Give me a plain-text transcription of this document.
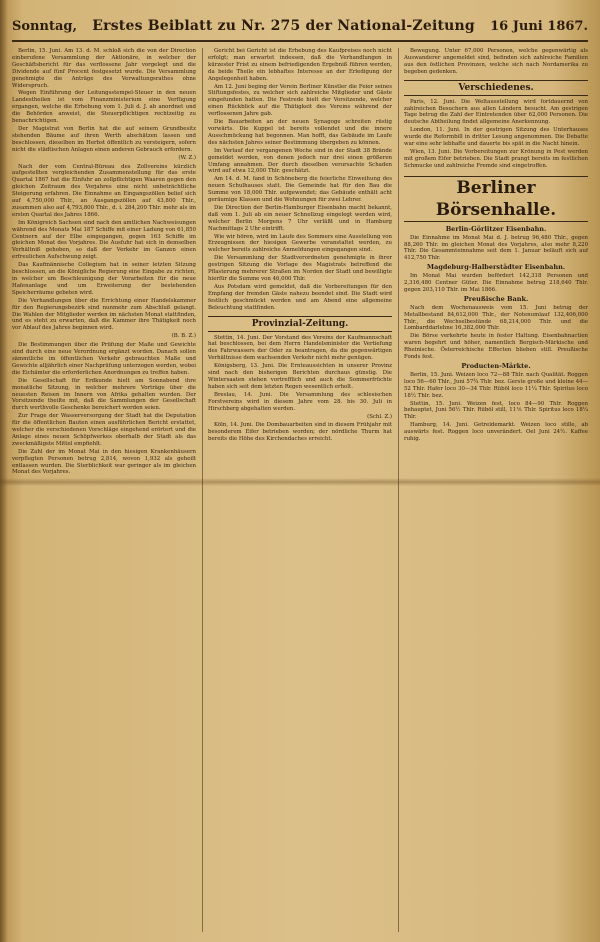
Sonntag, Erstes Beiblatt zu Nr. 275 der National-Zeitung 16 Juni 1867.

Berlin, 15. Juni. Am 13. d. M. schloß sich die von der Direction einberufene Versammlung der Aktionäre, in welcher der Geschäftsbericht für das verflossene Jahr vorgelegt und die Dividende auf fünf Procent festgesetzt wurde. Die Versammlung genehmigte die Anträge des Verwaltungsrathes ohne Widerspruch.

Wegen Einführung der Leitungsstempel-Steuer in den neuen Landestheilen ist vom Finanzministerium eine Verfügung ergangen, welche die Erhebung vom 1. Juli d. J. ab anordnet und die Behörden anweist, die Steuerpflichtigen rechtzeitig zu benachrichtigen.

Der Magistrat von Berlin hat die auf seinem Grundbesitz stehenden Bäume auf ihren Werth abschätzen lassen und beschlossen, dieselben im Herbst öffentlich zu versteigern, sofern nicht die städtischen Anlagen einen anderen Gebrauch erfordern.

(W. Z.)

Nach der vom Central-Büreau des Zollvereins kürzlich aufgestellten vergleichenden Zusammenstellung für das erste Quartal 1867 hat die Einfuhr an zollpflichtigen Waaren gegen den gleichen Zeitraum des Vorjahres eine nicht unbeträchtliche Steigerung erfahren. Die Einnahme an Eingangszöllen belief sich auf 4,750,000 Thlr., an Ausgangszöllen auf 43,800 Thlr., zusammen also auf 4,793,800 Thlr., d. i. 284,200 Thlr. mehr als im ersten Quartal des Jahres 1866.

Im Königreich Sachsen sind nach den amtlichen Nachweisungen während des Monats Mai 187 Schiffe mit einer Ladung von 61,850 Centnern auf der Elbe eingegangen, gegen 163 Schiffe im gleichen Monat des Vorjahres. Die Ausfuhr hat sich in demselben Verhältniß gehoben, so daß der Verkehr im Ganzen einen erfreulichen Aufschwung zeigt.

Das Kaufmännische Collegium hat in seiner letzten Sitzung beschlossen, an die Königliche Regierung eine Eingabe zu richten, in welcher um Beschleunigung der Vorarbeiten für die neue Hafenanlage und um Erweiterung der bestehenden Speicherräume gebeten wird.

Die Verhandlungen über die Errichtung einer Handelskammer für den Regierungsbezirk sind nunmehr zum Abschluß gelangt. Die Wahlen der Mitglieder werden im nächsten Monat stattfinden, und es steht zu erwarten, daß die Kammer ihre Thätigkeit noch vor Ablauf des Jahres beginnen wird.

(B. B. Z.)

Die Bestimmungen über die Prüfung der Maße und Gewichte sind durch eine neue Verordnung ergänzt worden. Danach sollen sämmtliche im öffentlichen Verkehr gebrauchten Maße und Gewichte alljährlich einer Nachprüfung unterzogen werden, wobei die Eichämter die erforderlichen Anordnungen zu treffen haben.

Die Gesellschaft für Erdkunde hielt am Sonnabend ihre monatliche Sitzung, in welcher mehrere Vorträge über die neuesten Reisen im Innern von Afrika gehalten wurden. Der Vorsitzende theilte mit, daß die Sammlungen der Gesellschaft durch werthvolle Geschenke bereichert worden seien.

Zur Frage der Wasserversorgung der Stadt hat die Deputation für die öffentlichen Bauten einen ausführlichen Bericht erstattet, welcher die verschiedenen Vorschläge eingehend erörtert und die Anlage eines neuen Schöpfwerkes oberhalb der Stadt als das zweckmäßigste Mittel empfiehlt.

Die Zahl der im Monat Mai in den hiesigen Krankenhäusern verpflegten Personen betrug 2,814, wovon 1,932 als geheilt entlassen wurden. Die Sterblichkeit war geringer als im gleichen Monat des Vorjahres.

Gericht bei Gericht ist die Erhebung des Kaufpreises noch nicht erfolgt; man erwartet indessen, daß die Verhandlungen in kürzester Frist zu einem befriedigenden Ergebniß führen werden, da beide Theile ein lebhaftes Interesse an der Erledigung der Angelegenheit haben.

Am 12. Juni beging der Verein Berliner Künstler die Feier seines Stiftungsfestes, zu welcher sich zahlreiche Mitglieder und Gäste eingefunden hatten. Die Festrede hielt der Vorsitzende, welcher einen Rückblick auf die Thätigkeit des Vereins während der verflossenen Jahre gab.

Die Bauarbeiten an der neuen Synagoge schreiten rüstig vorwärts. Die Kuppel ist bereits vollendet und die innere Ausschmückung hat begonnen. Man hofft, das Gebäude im Laufe des nächsten Jahres seiner Bestimmung übergeben zu können.

Im Verlauf der vergangenen Woche sind in der Stadt 38 Brände gemeldet worden, von denen jedoch nur drei einen größeren Umfang annahmen. Der durch dieselben verursachte Schaden wird auf etwa 12,000 Thlr. geschätzt.

Am 14. d. M. fand in Schöneberg die feierliche Einweihung des neuen Schulhauses statt. Die Gemeinde hat für den Bau die Summe von 18,000 Thlr. aufgewendet; das Gebäude enthält acht geräumige Klassen und die Wohnungen für zwei Lehrer.

Die Direction der Berlin-Hamburger Eisenbahn macht bekannt, daß vom 1. Juli ab ein neuer Schnellzug eingelegt werden wird, welcher Berlin Morgens 7 Uhr verläßt und in Hamburg Nachmittags 2 Uhr eintrifft.

Wie wir hören, wird im Laufe des Sommers eine Ausstellung von Erzeugnissen der hiesigen Gewerbe veranstaltet werden, zu welcher bereits zahlreiche Anmeldungen eingegangen sind.

Die Versammlung der Stadtverordneten genehmigte in ihrer gestrigen Sitzung die Vorlage des Magistrats betreffend die Pflasterung mehrerer Straßen im Norden der Stadt und bewilligte hierfür die Summe von 46,000 Thlr.

Aus Potsdam wird gemeldet, daß die Vorbereitungen für den Empfang der fremden Gäste nahezu beendet sind. Die Stadt wird festlich geschmückt werden und am Abend eine allgemeine Beleuchtung stattfinden.

Provinzial-Zeitung.

Stettin, 14. Juni. Der Vorstand des Vereins der Kaufmannschaft hat beschlossen, bei dem Herrn Handelsminister die Vertiefung des Fahrwassers der Oder zu beantragen, da die gegenwärtigen Verhältnisse dem wachsenden Verkehr nicht mehr genügen.

Königsberg, 13. Juni. Die Ernteaussichten in unserer Provinz sind nach den bisherigen Berichten durchaus günstig. Die Wintersaaten stehen vortrefflich und auch die Sommerfrüchte haben sich seit dem letzten Regen wesentlich erholt.

Breslau, 14. Juni. Die Versammlung des schlesischen Forstvereins wird in diesem Jahre vom 28. bis 30. Juli in Hirschberg abgehalten werden.

(Schl. Z.)

Köln, 14. Juni. Die Dombauarbeiten sind in diesem Frühjahr mit besonderem Eifer betrieben worden; der nördliche Thurm hat bereits die Höhe des Kirchendaches erreicht.

Bewegung. Unter 67,000 Personen, welche gegenwärtig als Auswanderer angemeldet sind, befinden sich zahlreiche Familien aus den östlichen Provinzen, welche sich nach Nordamerika zu begeben gedenken.

Verschiedenes.

Paris, 12. Juni. Die Weltausstellung wird fortdauernd von zahlreichen Besuchern aus allen Ländern besucht. Am gestrigen Tage betrug die Zahl der Eintretenden über 62,000 Personen. Die deutsche Abtheilung findet allgemeine Anerkennung.

London, 11. Juni. In der gestrigen Sitzung des Unterhauses wurde die Reformbill in dritter Lesung angenommen. Die Debatte war eine sehr lebhafte und dauerte bis spät in die Nacht hinein.

Wien, 13. Juni. Die Vorbereitungen zur Krönung in Pest werden mit großem Eifer betrieben. Die Stadt prangt bereits im festlichen Schmucke und zahlreiche Fremde sind eingetroffen.

Berliner Börsenhalle.
Berlin-Görlitzer Eisenbahn.

Die Einnahme im Monat Mai d. J. betrug 96,480 Thlr., gegen 88,260 Thlr. im gleichen Monat des Vorjahres, also mehr 8,220 Thlr. Die Gesammteinnahme seit dem 1. Januar beläuft sich auf 412,750 Thlr.

Magdeburg-Halberstädter Eisenbahn.

Im Monat Mai wurden befördert 142,318 Personen und 2,316,480 Centner Güter. Die Einnahme betrug 218,640 Thlr. gegen 203,110 Thlr. im Mai 1866.

Preußische Bank.

Nach dem Wochenausweis vom 15. Juni betrug der Metallbestand 84,612,000 Thlr., der Notenumlauf 132,406,000 Thlr., die Wechselbestände 68,214,000 Thlr. und die Lombarddarlehne 16,382,000 Thlr.

Die Börse verkehrte heute in fester Haltung. Eisenbahnactien waren begehrt und höher, namentlich Bergisch-Märkische und Rheinische. Österreichische Effecten blieben still. Preußische Fonds fest.

Producten-Märkte.

Berlin, 15. Juni. Weizen loco 72—88 Thlr. nach Qualität. Roggen loco 56—60 Thlr., Juni 57¾ Thlr. bez. Gerste große und kleine 44—52 Thlr. Hafer loco 30—34 Thlr. Rüböl loco 11¼ Thlr. Spiritus loco 18½ Thlr. bez.

Stettin, 15. Juni. Weizen fest, loco 84—90 Thlr. Roggen behauptet, Juni 56½ Thlr. Rüböl still, 11⅙ Thlr. Spiritus loco 18¼ Thlr.

Hamburg, 14. Juni. Getreidemarkt. Weizen loco stille, ab auswärts fest. Roggen loco unverändert. Oel Juni 24½. Kaffee ruhig.
